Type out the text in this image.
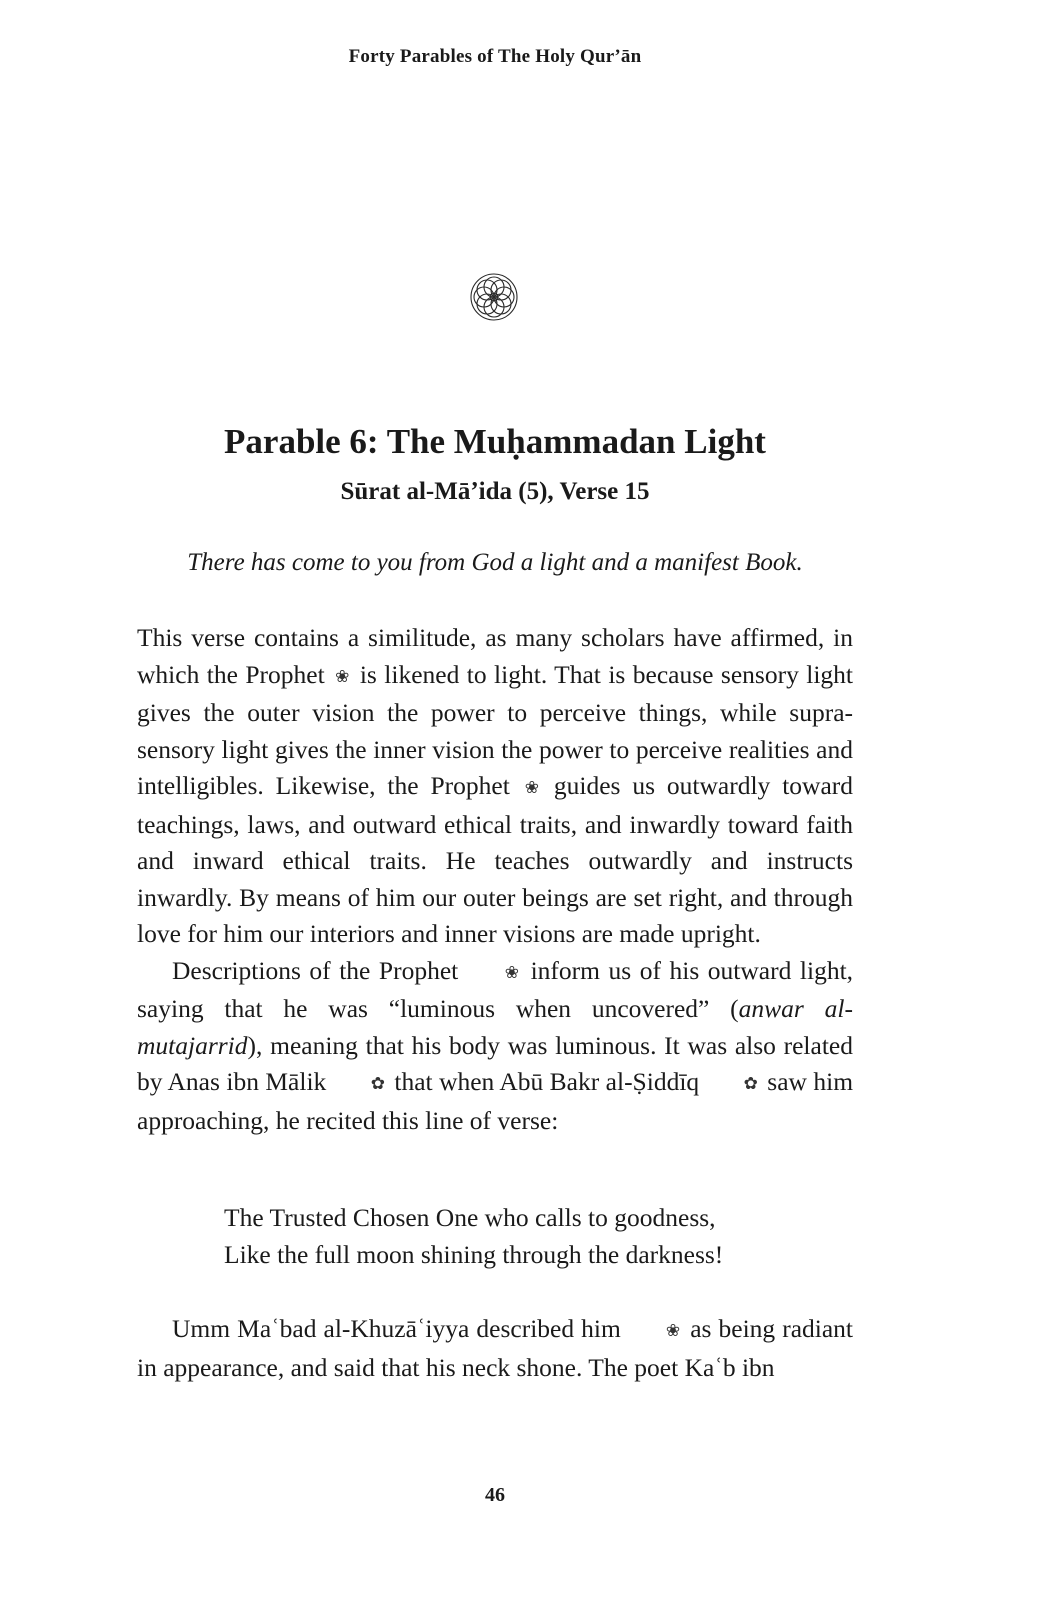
Forty Parables of The Holy Qurʼān
Parable 6: The Muḥammadan Light
Sūrat al-Māʼida (5), Verse 15
There has come to you from God a light and a manifest Book.

This verse contains a similitude, as many scholars have affirmed, in which the Prophet ❀ is likened to light. That is because sensory light gives the outer vision the power to perceive things, while supra-sensory light gives the inner vision the power to perceive realities and intelligibles. Likewise, the Prophet ❀ guides us outwardly toward teachings, laws, and outward ethical traits, and inwardly toward faith and inward ethical traits. He teaches outwardly and instructs inwardly. By means of him our outer beings are set right, and through love for him our interiors and inner visions are made upright.

Descriptions of the Prophet	❀ inform us of his outward light, saying that he was “luminous when uncovered” (anwar al-mutajarrid), meaning that his body was luminous. It was also related by Anas ibn Mālik	✿ that when Abū Bakr al-Ṣiddīq	✿ saw him approaching, he recited this line of verse:

The Trusted Chosen One who calls to goodness,
Like the full moon shining through the darkness!

Umm Maʿbad al-Khuzāʿiyya described him	❀ as being radiant in appearance, and said that his neck shone. The poet Kaʿb ibn

46
